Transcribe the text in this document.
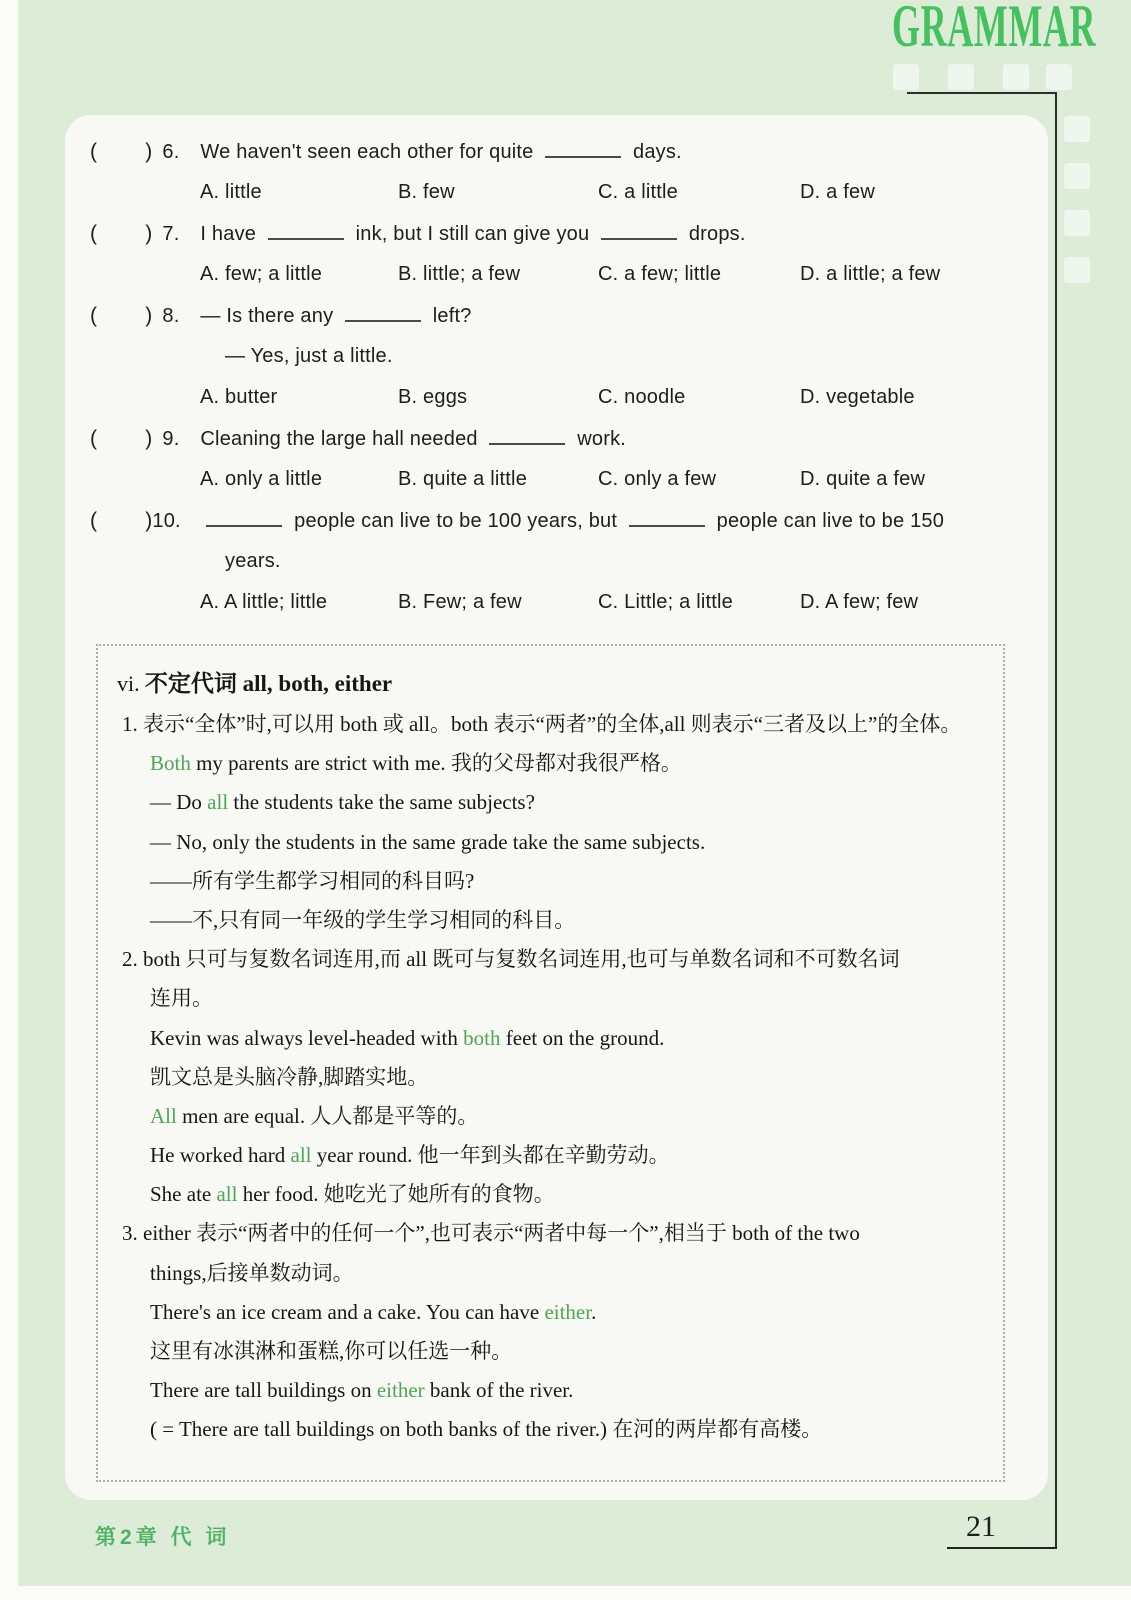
GRAMMAR
( ) 6. We haven't seen each other for quite	days.
A. little	B. few	C. a little	D. a few
( ) 7. I have	ink, but I still can give you	drops.
A. few; a little	B. little; a few	C. a few; little	D. a little; a few
( ) 8. — Is there any	left?
— Yes, just a little.
A. butter	B. eggs	C. noodle	D. vegetable
( ) 9. Cleaning the large hall needed	work.
A. only a little	B. quite a little	C. only a few	D. quite a few
( )10.	people can live to be 100 years, but	people can live to be 150
years.
A. A little; little	B. Few; a few	C. Little; a little	D. A few; few
vi. 不定代词 all, both, either
1. 表示“全体”时,可以用 both 或 all。both 表示“两者”的全体,all 则表示“三者及以上”的全体。
Both my parents are strict with me. 我的父母都对我很严格。
— Do all the students take the same subjects?
— No, only the students in the same grade take the same subjects.
——所有学生都学习相同的科目吗?
——不,只有同一年级的学生学习相同的科目。
2. both 只可与复数名词连用,而 all 既可与复数名词连用,也可与单数名词和不可数名词
连用。
Kevin was always level-headed with both feet on the ground.
凯文总是头脑冷静,脚踏实地。
All men are equal. 人人都是平等的。
He worked hard all year round. 他一年到头都在辛勤劳动。
She ate all her food. 她吃光了她所有的食物。
3. either 表示“两者中的任何一个”,也可表示“两者中每一个”,相当于 both of the two
things,后接单数动词。
There's an ice cream and a cake. You can have either.
这里有冰淇淋和蛋糕,你可以任选一种。
There are tall buildings on either bank of the river.
( = There are tall buildings on both banks of the river.) 在河的两岸都有高楼。
第2章 代 词	21
